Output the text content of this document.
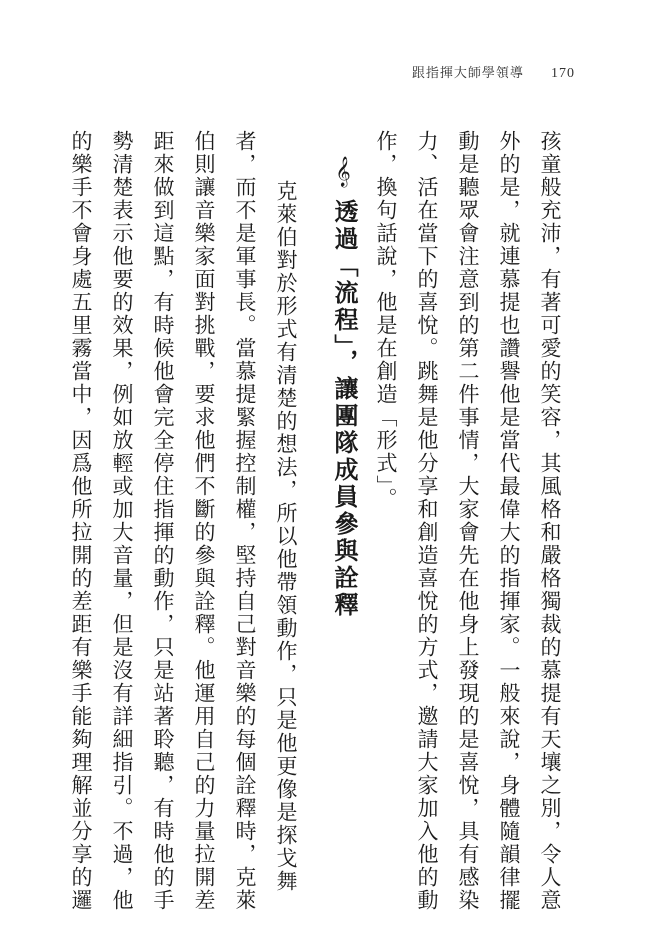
跟指揮大師學領導 170
孩童般充沛，有著可愛的笑容，其風格和嚴格獨裁的慕提有天壤之別，令人意
外的是，就連慕提也讚譽他是當代最偉大的指揮家。一般來說，身體隨韻律擺
動是聽眾會注意到的第二件事情，大家會先在他身上發現的是喜悅，具有感染
力、活在當下的喜悅。跳舞是他分享和創造喜悅的方式，邀請大家加入他的動
作，換句話說，他是在創造「形式」。
𝄞透過「流程」，讓團隊成員參與詮釋
克萊伯對於形式有清楚的想法，所以他帶領動作，只是他更像是探戈舞
者，而不是軍事長。當慕提緊握控制權，堅持自己對音樂的每個詮釋時，克萊
伯則讓音樂家面對挑戰，要求他們不斷的參與詮釋。他運用自己的力量拉開差
距來做到這點，有時候他會完全停住指揮的動作，只是站著聆聽，有時他的手
勢清楚表示他要的效果，例如放輕或加大音量，但是沒有詳細指引。不過，他
的樂手不會身處五里霧當中，因爲他所拉開的差距有樂手能夠理解並分享的邏
